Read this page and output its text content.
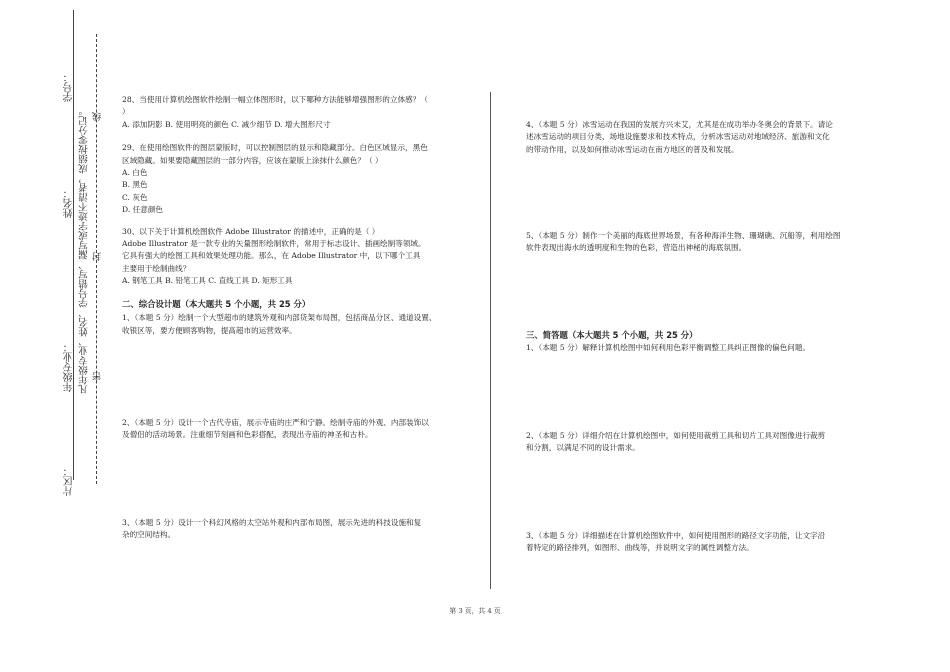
学号：
姓名：
年级专业：
片区：
凡年级专业、姓名、学号错写、漏写或字迹不清者，成绩按零分记。 线
封
密

28、当使用计算机绘图软件绘制一幅立体图形时，以下哪种方法能够增强图形的立体感？（

）

A. 添加阴影 B. 使用明亮的颜色 C. 减少细节 D. 增大图形尺寸

29、在使用绘图软件的图层蒙版时，可以控制图层的显示和隐藏部分。白色区域显示，黑色

区域隐藏。如果要隐藏图层的一部分内容，应该在蒙版上涂抹什么颜色？（ ）

A. 白色

B. 黑色

C. 灰色

D. 任意颜色

30、以下关于计算机绘图软件 Adobe Illustrator 的描述中，正确的是（ ）

Adobe Illustrator 是一款专业的矢量图形绘制软件，常用于标志设计、插画绘制等领域。

它具有强大的绘图工具和效果处理功能。那么，在 Adobe Illustrator 中，以下哪个工具

主要用于绘制曲线？

A. 钢笔工具 B. 铅笔工具 C. 直线工具 D. 矩形工具

二、综合设计题（本大题共 5 个小题，共 25 分）

1、（本题 5 分）绘制一个大型超市的建筑外观和内部货架布局图，包括商品分区、通道设置、

收银区等，要方便顾客购物，提高超市的运营效率。

2、（本题 5 分）设计一个古代寺庙，展示寺庙的庄严和宁静。绘制寺庙的外观、内部装饰以

及僧侣的活动场景。注重细节刻画和色彩搭配，表现出寺庙的神圣和古朴。

3、（本题 5 分）设计一个科幻风格的太空站外观和内部布局图，展示先进的科技设施和复

杂的空间结构。

4、（本题 5 分）冰雪运动在我国的发展方兴未艾，尤其是在成功举办冬奥会的背景下。请论

述冰雪运动的项目分类、场地设施要求和技术特点，分析冰雪运动对地域经济、旅游和文化

的带动作用，以及如何推动冰雪运动在南方地区的普及和发展。

5、（本题 5 分）制作一个美丽的海底世界场景，有各种海洋生物、珊瑚礁、沉船等，利用绘图

软件表现出海水的透明度和生物的色彩，营造出神秘的海底氛围。

三、简答题（本大题共 5 个小题，共 25 分）

1、（本题 5 分）解释计算机绘图中如何利用色彩平衡调整工具纠正图像的偏色问题。

2、（本题 5 分）详细介绍在计算机绘图中，如何使用裁剪工具和切片工具对图像进行裁剪

和分割，以满足不同的设计需求。

3、（本题 5 分）详细描述在计算机绘图软件中，如何使用图形的路径文字功能，让文字沿

着特定的路径排列，如图形、曲线等，并说明文字的属性调整方法。

第 3 页，共 4 页
